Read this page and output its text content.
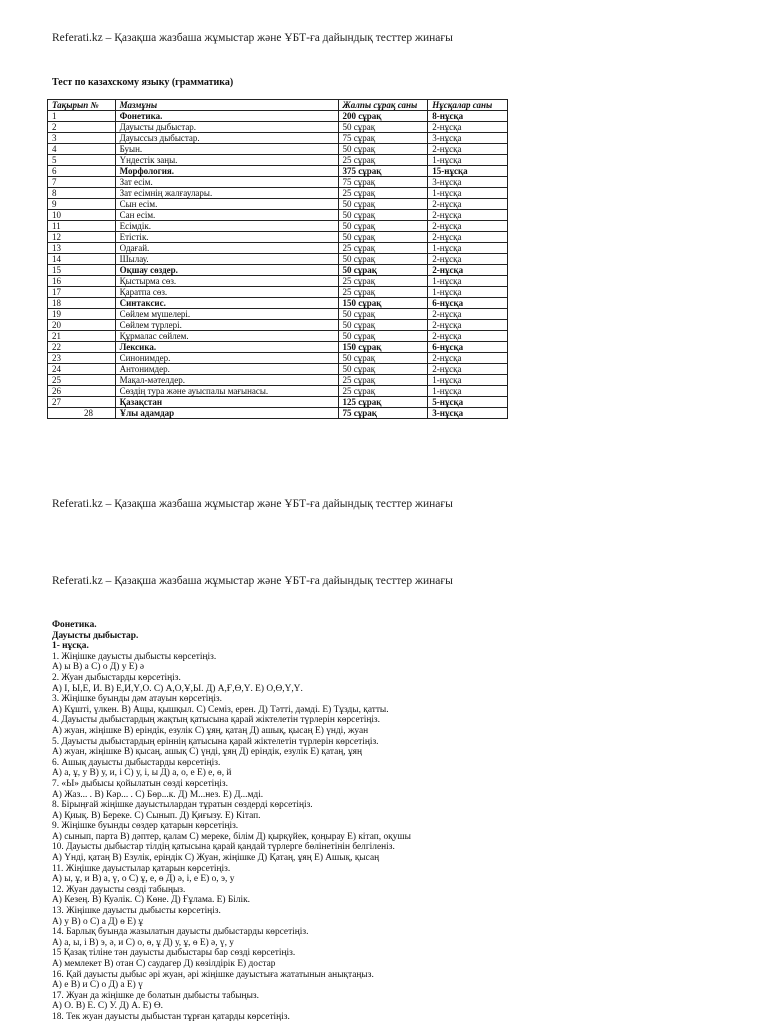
Referati.kz – Қазақша жазбаша жұмыстар және ҰБТ-ға дайындық тесттер жинағы
Тест по казахскому языку (грамматика)
Тақырып №	Мазмұны	Жалпы сұрақ саны	Нұсқалар саны
1	Фонетика.	200 сұрақ	8-нұсқа
2	Дауысты дыбыстар.	50 сұрақ	2-нұсқа
3	Дауыссыз дыбыстар.	75 сұрақ	3-нұсқа
4	Буын.	50 сұрақ	2-нұсқа
5	Үндестік заңы.	25 сұрақ	1-нұсқа
6	Морфология.	375 сұрақ	15-нұсқа
7	Зат есім.	75 сұрақ	3-нұсқа
8	Зат есімнің жалғаулары.	25 сұрақ	1-нұсқа
9	Сын есім.	50 сұрақ	2-нұсқа
10	Сан есім.	50 сұрақ	2-нұсқа
11	Есімдік.	50 сұрақ	2-нұсқа
12	Етістік.	50 сұрақ	2-нұсқа
13	Одағай.	25 сұрақ	1-нұсқа
14	Шылау.	50 сұрақ	2-нұсқа
15	Оқшау сөздер.	50 сұрақ	2-нұсқа
16	Қыстырма сөз.	25 сұрақ	1-нұсқа
17	Қаратпа сөз.	25 сұрақ	1-нұсқа
18	Синтаксис.	150 сұрақ	6-нұсқа
19	Сөйлем мүшелері.	50 сұрақ	2-нұсқа
20	Сөйлем түрлері.	50 сұрақ	2-нұсқа
21	Құрмалас сөйлем.	50 сұрақ	2-нұсқа
22	Лексика.	150 сұрақ	6-нұсқа
23	Синонимдер.	50 сұрақ	2-нұсқа
24	Антонимдер.	50 сұрақ	2-нұсқа
25	Мақал-мәтелдер.	25 сұрақ	1-нұсқа
26	Сөздің тура және ауыспалы мағынасы.	25 сұрақ	1-нұсқа
27	Қазақстан	125 сұрақ	5-нұсқа
28	Ұлы адамдар	75 сұрақ	3-нұсқа
Referati.kz – Қазақша жазбаша жұмыстар және ҰБТ-ға дайындық тесттер жинағы
Referati.kz – Қазақша жазбаша жұмыстар және ҰБТ-ға дайындық тесттер жинағы
Фонетика.
Дауысты дыбыстар.
1- нұсқа.
1. Жіңішке дауысты дыбысты көрсетіңіз.
А) ы В) а С) о Д) у Е) ә
2. Жуан дыбыстарды көрсетіңіз.
А) І, Ы,Е, И. В) Е,И,Ү,О. С) А,О,Ұ,Ы. Д) А,Ғ,Ө,Ү. Е) О,Ө,Ү,Ү.
3. Жіңішке буынды дәм атауын көрсетіңіз.
А) Кұшті, үлкен. В) Ащы, қышқыл. С) Семіз, ерен. Д) Тәтті, дәмді. Е) Тұзды, қатты.
4. Дауысты дыбыстардың жақтың қатысына қарай жіктелетін түрлерін көрсетіңіз.
А) жуан, жіңішке В) еріндік, езулік С) ұяң, қатаң Д) ашық, қысаң Е) үнді, жуан
5. Дауысты дыбыстардың еріннің қатысына қарай жіктелетін түрлерін көрсетіңіз.
А) жуан, жіңішке В) қысаң, ашық С) үнді, ұяң Д) еріндік, езулік Е) қатаң, ұяң
6. Ашық дауысты дыбыстарды көрсетіңіз.
А) а, ұ, у В) у, и, і С) у, і, ы Д) а, о, е Е) е, ө, й
7. «Ы» дыбысы қойылатын сөзді көрсетіңіз.
А) Жаз... . В) Кәр... . С) Бөр...к. Д) М...нез. Е) Д...мді.
8. Бірыңғай жіңішке дауыстылардан тұратын сөздерді көрсетіңіз.
А) Қиық. В) Береке. С) Сынып. Д) Қиғызу. Е) Кітап.
9. Жіңішке буынды сөздер қатарын көрсетіңіз.
А) сынып, парта В) дәптер, қалам С) мереке, білім Д) қырқүйек, қоңырау Е) кітап, оқушы
10. Дауысты дыбыстар тілдің қатысына қарай қандай түрлерге бөлінетінін белгіленіз.
А) Үнді, қатаң В) Езулік, еріндік С) Жуан, жіңішке Д) Қатаң, ұяң Е) Ашық, қысаң
11. Жіңішке дауыстылар қатарын көрсетіңіз.
А) ы, ұ, и В) а, ү, о С) ұ, е, ө Д) ә, і, е Е) о, э, у
12. Жуан дауысты сөзді табыңыз.
А) Кезең. В) Куәлік. С) Көне. Д) Ғұлама. Е) Білік.
13. Жіңішке дауысты дыбысты көрсетіңіз.
А) у В) о С) а Д) ө Е) ұ
14. Барлық буында жазылатын дауысты дыбыстарды көрсетіңіз.
А) а, ы, і В) э, ә, и С) о, ө, ұ Д) у, ұ, ө Е) ә, ү, у
15 Қазақ тіліне тән дауысты дыбыстары бар сөзді көрсетіңіз.
А) мемлекет В) отан С) саудагер Д) көзілдірік Е) достар
16. Қай дауысты дыбыс әрі жуан, әрі жіңішке дауыстыға жататынын анықтаңыз.
А) е В) и С) о Д) а Е) ү
17. Жуан да жіңішке де болатын дыбысты табыңыз.
А) О. В) Е. С) У. Д) А. Е) Ө.
18. Тек жуан дауысты дыбыстан тұрған қатарды көрсетіңіз.
